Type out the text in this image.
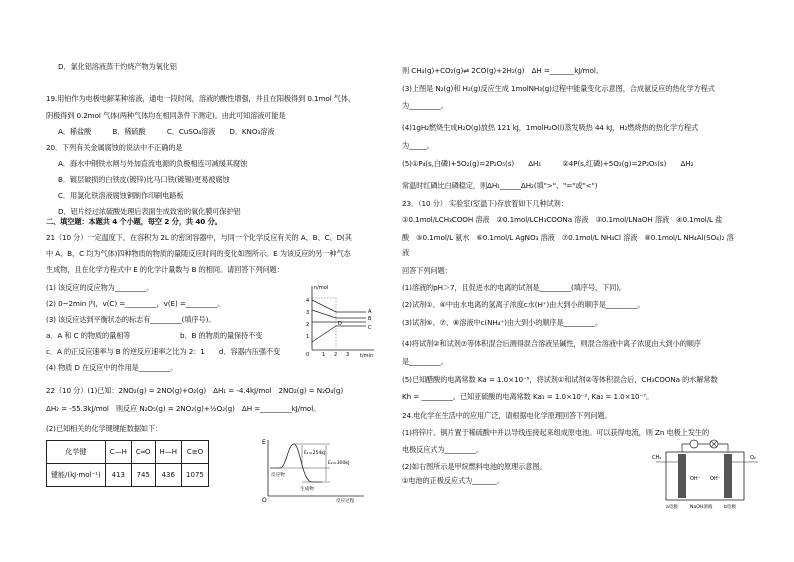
D．氯化铝溶液蒸干灼烧产物为氧化铝
19.用铂作为电极电解某种溶液，通电一段时间，溶液的酸性增强，并且在阳极得到 0.1mol 气体，
阴极得到 0.2mol 气体(两种气体均在相同条件下测定)。由此可知溶液可能是
A．稀盐酸　　　B．稀硫酸　　　C．CuSO₄溶液　　D．KNO₃溶液
20．下列有关金属腐蚀的说法中不正确的是
A．海水中钢铁水闸与外加直流电源的负极相连可减缓其腐蚀
B．镀层破损的白铁皮(镀锌)比马口铁(镀锡)更易被腐蚀
C．用氯化铁溶液腐蚀铜制作印刷电路板
D．铝片经过浓硫酸处理后表面生成致密的氧化膜可保护铝
二、填空题：本题共 4 个小题，每空 2 分，共 40 分。
21（10 分）一定温度下，在容积为 2L 的密闭容器中，与同一个化学反应有关的 A、B、C、D(其
中 A、B、C 均为气体)四种物质的物质的量随反应时间的变化如图所示。E 为该反应的另一种气态
生成物，且在化学方程式中 E 的化学计量数与 B 的相同。请回答下列问题：
(1) 该反应的反应物为_________。
(2) 0~2min 内，v(C) =_________，v(E) =_________。
(3) 该反应达到平衡状态的标志有_________(填序号)。
a．A 和 C 的物质的量相等　　　　　　　b．B 的物质的量保持不变
c．A 的正反应速率与 B 的逆反应速率之比为 2：1　　d．容器内压强不变
(4) 物质 D 在反应中的作用是_________。
22（10 分）(1)已知：2NO₂(g) = 2NO(g)+O₂(g)　ΔH₁ = -4.4kJ/mol　2NO₂(g) = N₂O₄(g)
ΔH₂ = -55.3kJ/mol　则反应 N₂O₅(g) = 2NO₂(g)+½O₂(g)　ΔH =_________kJ/mol。
(2)已知相关的化学键键能数据如下：
化学键	C—H	C═O	H—H	C≡O
键能/(kJ·mol⁻¹)	413	745	436	1075
n/mol
t/min
0
4
3
2
1
1 2 3
A
B
C
D
E
O
E₁=254kJ
E₂=300kJ
反应物
生成物
反应过程
则 CH₄(g)+CO₂(g)⇌ 2CO(g)+2H₂(g)　ΔH =_______kJ/mol。
(3)上图是 N₂(g)和 H₂(g)反应生成 1molNH₃(g)过程中能量变化示意图，合成氨反应的热化学方程式
为_________。
(4)1gH₂燃烧生成H₂O(g)放热 121 kJ，1molH₂O(l)蒸发吸热 44 kJ，H₂燃烧热的热化学方程式
为_____。
(5)①P₄(s,白磷)+5O₂(g)=2P₂O₅(s)　　ΔH₁　　　②4P(s,红磷)+5O₂(g)=2P₂O₅(s)　　ΔH₂
常温时红磷比白磷稳定，则ΔH₁______ΔH₂(填">"、"="或"<")
23．（10 分） 实验室(室温下)存放着如下几种试剂：
①0.1mol/LCH₃COOH 溶液　②0.1mol/LCH₃COONa 溶液　③0.1mol/LNaOH 溶液　④0.1mol/L 盐
酸　⑤0.1mol/L 氨水　⑥0.1mol/L AgNO₃ 溶液　⑦0.1mol/L NH₄Cl 溶液　⑧0.1mol/L NH₄Al(SO₄)₂ 溶
液
回答下列问题：
(1)溶液的pH＞7，且促进水的电离的试剂是_________(填序号，下同)。
(2)试剂①、④中由水电离的氢离子浓度c水(H⁺)由大到小的顺序是_________。
(3)试剂⑤、⑦、⑧溶液中c(NH₄⁺)由大到小的顺序是_________。
(4)将试剂②和试剂⑦等体积混合后测得混合溶液呈碱性，则混合溶液中离子浓度由大到小的顺序
是_________。
(5)已知醋酸的电离常数 Ka = 1.0×10⁻⁵，将试剂①和试剂②等体积混合后，CH₃COONa 的水解常数
Kh = _________。已知亚硫酸的电离常数 Ka₁ = 1.0×10⁻², Ka₂ = 1.0×10⁻⁷。
24.电化学在生活中的应用广泛，请根据电化学原理回答下列问题。
(1)将锌片、铜片置于稀硫酸中并以导线连接起来组成原电池。可以获得电流，则 Zn 电极上发生的
电极反应式为_________。
(2)如右图所示是甲烷燃料电池的原理示意图。
①电池的正极反应式为_______。
CH₄	O₂
OH⁻ OH⁻
a电极	NaOH溶液 b电极
